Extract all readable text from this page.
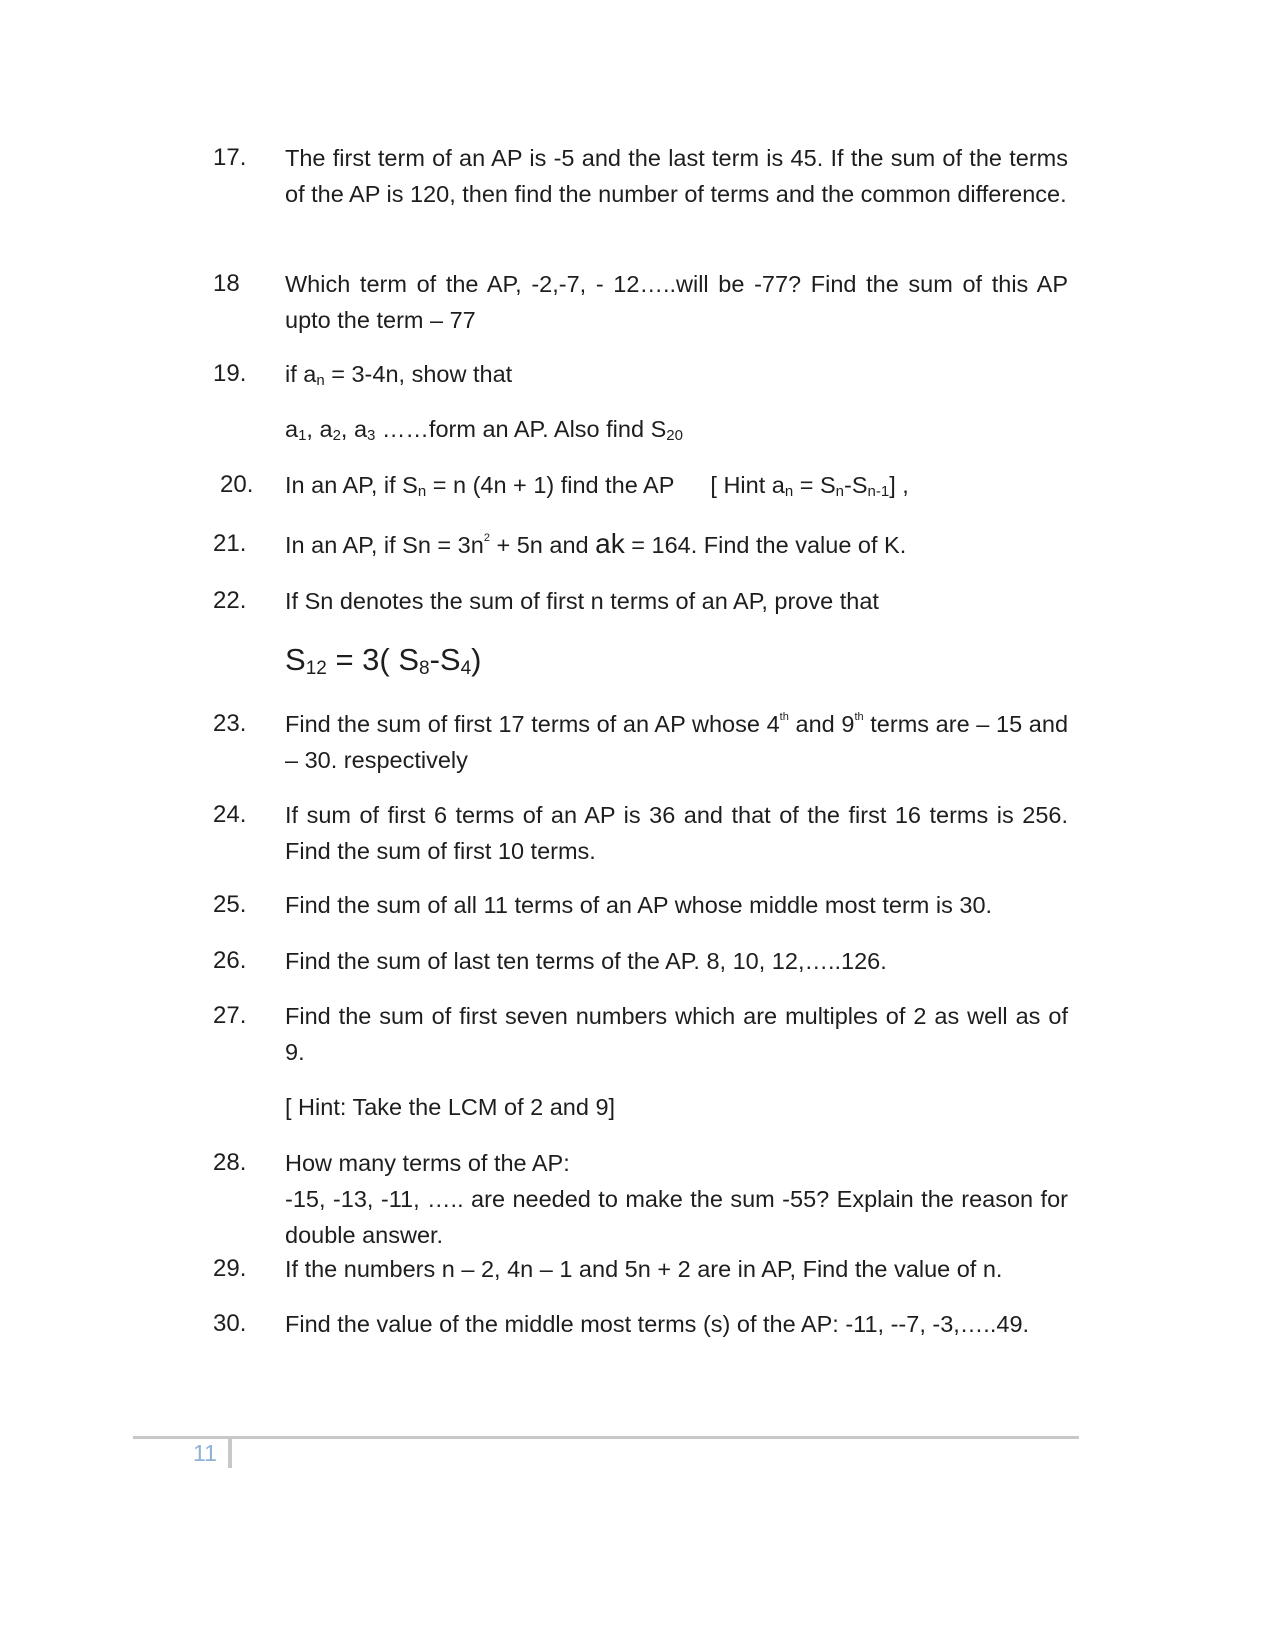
17. The first term of an AP is -5 and the last term is 45. If the sum of the terms of the AP is 120, then find the number of terms and the common difference.
18 Which term of the AP, -2,-7, - 12…..will be -77? Find the sum of this AP upto the term – 77
19. if $a_n = 3-4n$, show that
$a_1$, $a_2$, $a_3$ ……form an AP. Also find $S_{20}$
20. In an AP, if $S_n = n$ (4n + 1) find the AP [ Hint $a_n = S_n-S_{n-1}$] ,
21. In an AP, if $Sn = 3n^2 + 5n$ and ak = 164. Find the value of K.
22. If Sn denotes the sum of first n terms of an AP, prove that
$S_{12} = 3$( $S_8-S_4$)
23. Find the sum of first 17 terms of an AP whose 4th and 9th terms are – 15 and – 30. respectively
24. If sum of first 6 terms of an AP is 36 and that of the first 16 terms is 256. Find the sum of first 10 terms.
25. Find the sum of all 11 terms of an AP whose middle most term is 30.
26. Find the sum of last ten terms of the AP. 8, 10, 12,…..126.
27. Find the sum of first seven numbers which are multiples of 2 as well as of 9.
[ Hint: Take the LCM of 2 and 9]
28. How many terms of the AP:
-15, -13, -11, ….. are needed to make the sum -55? Explain the reason for double answer.
29. If the numbers n – 2, 4n – 1 and 5n + 2 are in AP, Find the value of n.
30. Find the value of the middle most terms (s) of the AP: -11, --7, -3,…..49.
11
